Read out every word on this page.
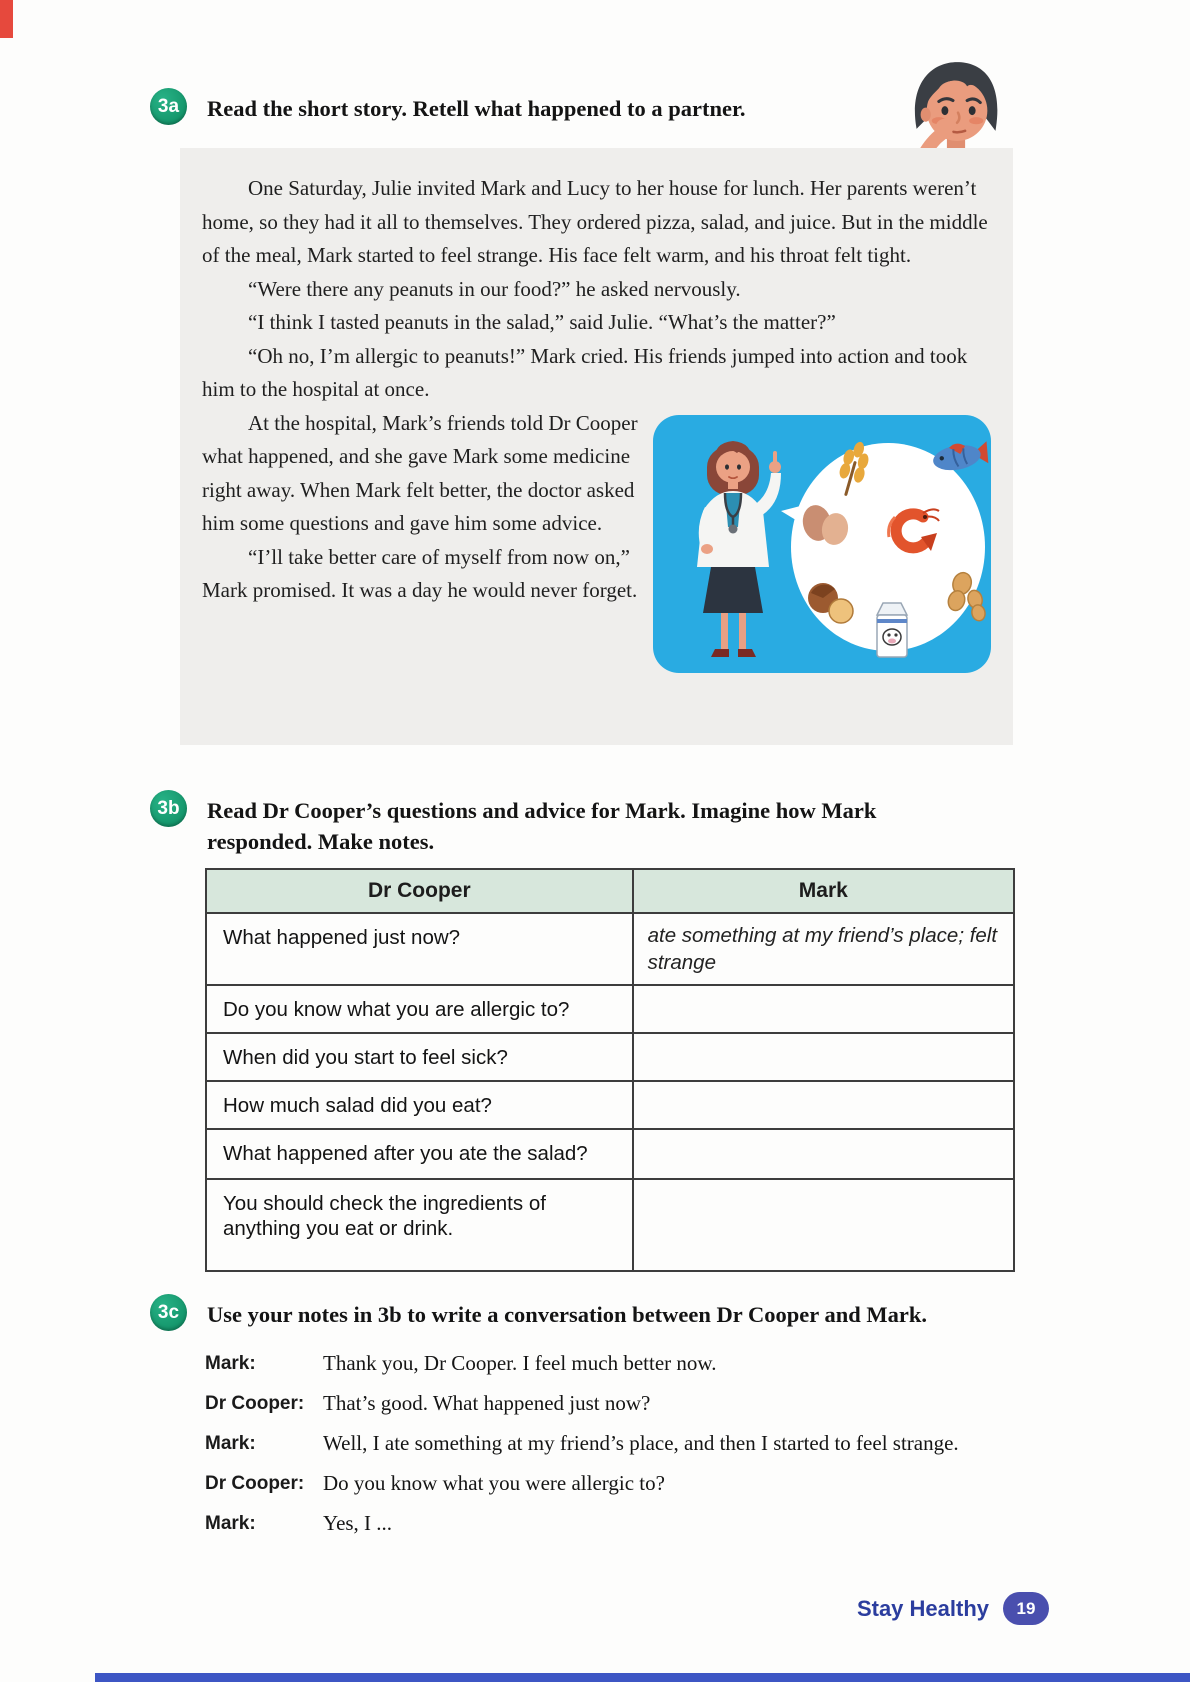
3a	Read the short story. Retell what happened to a partner.

One Saturday, Julie invited Mark and Lucy to her house for lunch. Her parents weren’t home, so they had it all to themselves. They ordered pizza, salad, and juice. But in the middle of the meal, Mark started to feel strange. His face felt warm, and his throat felt tight.

“Were there any peanuts in our food?” he asked nervously.

“I think I tasted peanuts in the salad,” said Julie. “What’s the matter?”

“Oh no, I’m allergic to peanuts!” Mark cried. His friends jumped into action and took him to the hospital at once.

At the hospital, Mark’s friends told Dr Cooper what happened, and she gave Mark some medicine right away. When Mark felt better, the doctor asked him some questions and gave him some advice.

“I’ll take better care of myself from now on,” Mark promised. It was a day he would never forget.

3b	Read Dr Cooper’s questions and advice for Mark. Imagine how Mark responded. Make notes.
Dr Cooper	Mark
What happened just now?	ate something at my friend’s place; felt strange
Do you know what you are allergic to?	
When did you start to feel sick?	
How much salad did you eat?	
What happened after you ate the salad?	
You should check the ingredients of anything you eat or drink.	
3c	Use your notes in 3b to write a conversation between Dr Cooper and Mark.
Mark:	Thank you, Dr Cooper. I feel much better now.
Dr Cooper: That’s good. What happened just now?
Mark:	Well, I ate something at my friend’s place, and then I started to feel strange.
Dr Cooper: Do you know what you were allergic to?
Mark:	Yes, I ...
Stay Healthy	19
